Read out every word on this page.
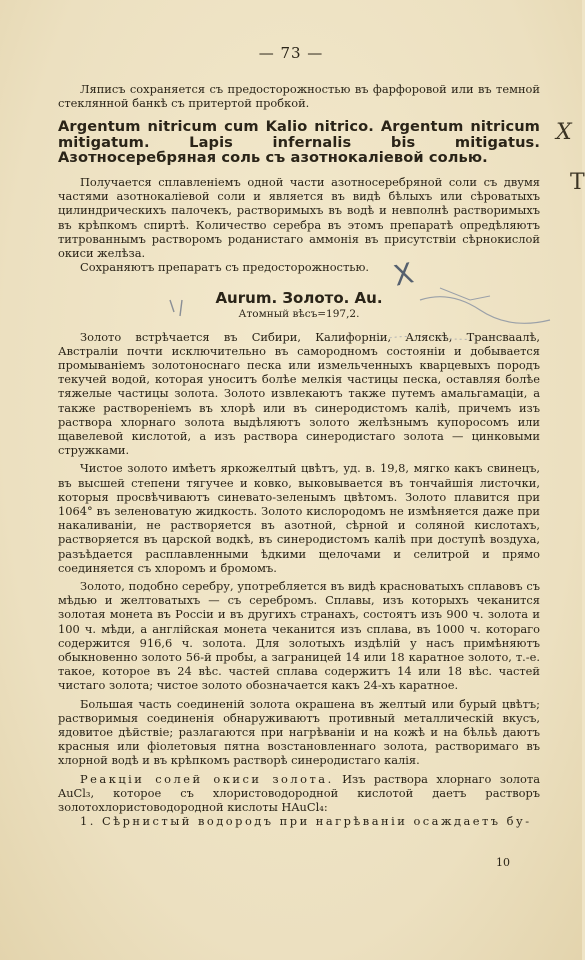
— 73 —
Х
Т
X

Ляписъ сохраняется съ предосторожностью въ фарфоровой или въ темной стеклянной банкѣ съ притертой пробкой.

Argentum nitricum cum Kalio nitrico. Argentum nitricum mitigatum. Lapis infernalis bis mitigatus. Азотносеребряная соль съ азотнокалiевой солью.

Получается сплавленiемъ одной части азотносеребряной соли съ двумя частями азотнокалiевой соли и является въ видѣ бѣлыхъ или сѣроватыхъ цилиндрическихъ палочекъ, растворимыхъ въ водѣ и невполнѣ растворимыхъ въ крѣпкомъ спиртѣ. Количество серебра въ этомъ препаратѣ опредѣляютъ титрованнымъ растворомъ роданистаго аммонiя въ присутствiи сѣрнокислой окиси желѣза.

Сохраняютъ препаратъ съ предосторожностью.

Aurum. Золото. Au.
Атомный вѣсъ=197,2.

Золото встрѣчается въ Сибири, Калифорнiи, Аляскѣ, Трансваалѣ, Австралiи почти исключительно въ самородномъ состоянiи и добывается промыванiемъ золотоноснаго песка или измельченныхъ кварцевыхъ породъ текучей водой, которая уноситъ болѣе мелкiя частицы песка, оставляя болѣе тяжелые частицы золота. Золото извлекаютъ также путемъ амальгамацiи, а также растворенiемъ въ хлорѣ или въ синеродистомъ калiѣ, причемъ изъ раствора хлорнаго золота выдѣляютъ золото желѣзнымъ купоросомъ или щавелевой кислотой, а изъ раствора синеродистаго золота — цинковыми стружками.

Чистое золото имѣетъ яркожелтый цвѣтъ, уд. в. 19,8, мягко какъ свинецъ, въ высшей степени тягучее и ковко, выковывается въ тончайшiя листочки, которыя просвѣчиваютъ синевато-зеленымъ цвѣтомъ. Золото плавится при 1064° въ зеленоватую жидкость. Золото кислородомъ не измѣняется даже при накаливанiи, не растворяется въ азотной, сѣрной и соляной кислотахъ, растворяется въ царской водкѣ, въ синеродистомъ калiѣ при доступѣ воздуха, разъѣдается расплавленными ѣдкими щелочами и селитрой и прямо соединяется съ хлоромъ и бромомъ.

Золото, подобно серебру, употребляется въ видѣ красноватыхъ сплавовъ съ мѣдью и желтоватыхъ — съ серебромъ. Сплавы, изъ которыхъ чеканится золотая монета въ Россiи и въ другихъ странахъ, состоятъ изъ 900 ч. золота и 100 ч. мѣди, а англiйская монета чеканится изъ сплава, въ 1000 ч. котораго содержится 916,6 ч. золота. Для золотыхъ издѣлiй у насъ примѣняютъ обыкновенно золото 56-й пробы, а заграницей 14 или 18 каратное золото, т.-е. такое, которое въ 24 вѣс. частей сплава содержитъ 14 или 18 вѣс. частей чистаго золота; чистое золото обозначается какъ 24-хъ каратное.

Большая часть соединенiй золота окрашена въ желтый или бурый цвѣтъ; растворимыя соединенiя обнаруживаютъ противный металлическiй вкусъ, ядовитое дѣйствiе; разлагаются при нагрѣванiи и на кожѣ и на бѣльѣ даютъ красныя или фiолетовыя пятна возстановленнаго золота, растворимаго въ хлорной водѣ и въ крѣпкомъ растворѣ синеродистаго калiя.

Реакцiи солей окиси золота. Изъ раствора хлорнаго золота AuCl₃, которое съ хлористоводородной кислотой даетъ растворъ золотохлористоводородной кислоты HAuCl₄:

1. Сѣрнистый водородъ при нагрѣванiи осаждаетъ бу-

10
